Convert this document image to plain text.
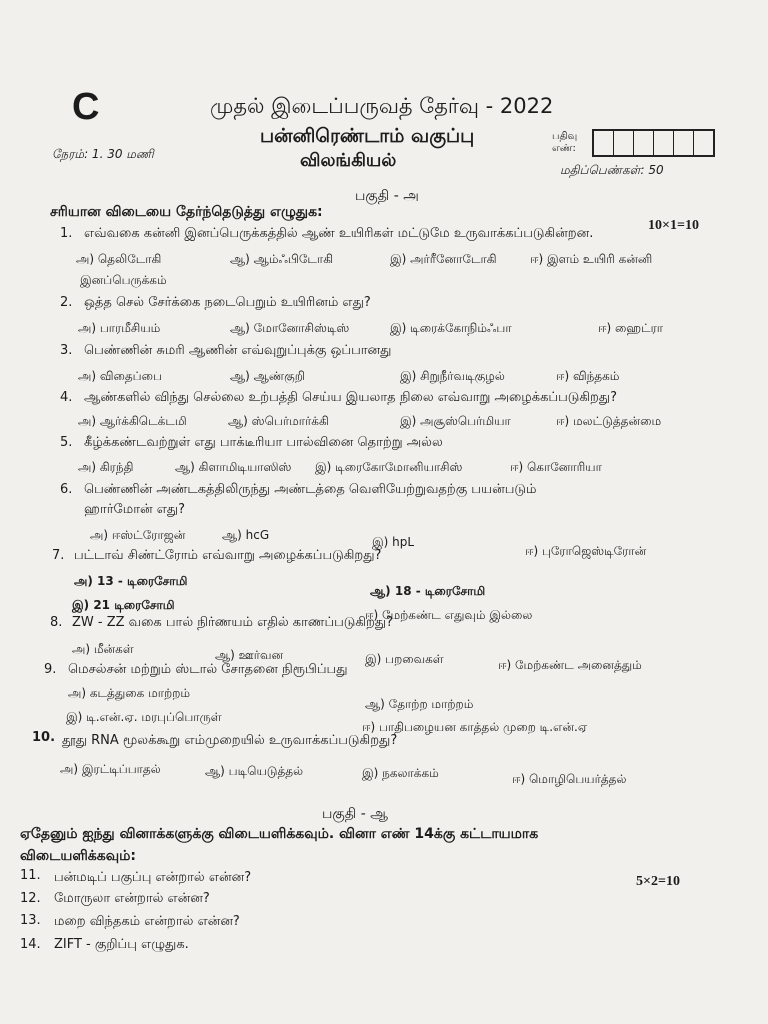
C	முதல் இடைப்பருவத் தேர்வு - 2022
பன்னிரெண்டாம் வகுப்பு
விலங்கியல்
நேரம்: 1. 30 மணி
பதிவு எண்:
மதிப்பெண்கள்: 50
பகுதி - அ
சரியான விடையை தேர்ந்தெடுத்து எழுதுக:
10×1=10
1. எவ்வகை கன்னி இனப்பெருக்கத்தில் ஆண் உயிரிகள் மட்டுமே உருவாக்கப்படுகின்றன.
அ) தெலிடோகி	ஆ) ஆம்ஃபிடோகி	இ) அர்ரீனோடோகி	ஈ) இளம் உயிரி கன்னி
இனப்பெருக்கம்
2. ஒத்த செல் சேர்க்கை நடைபெறும் உயிரினம் எது?
அ) பாரமீசியம்	ஆ) மோனோசிஸ்டிஸ்	இ) டிரைக்கோநிம்ஃபா	ஈ) ஹைட்ரா
3. பெண்ணின் சுமரி ஆணின் எவ்வுறுப்புக்கு ஒப்பானது
அ) விதைப்பை	ஆ) ஆண்குறி	இ) சிறுநீர்வடிகுழல்	ஈ) விந்தகம்
4. ஆண்களில் விந்து செல்லை உற்பத்தி செய்ய இயலாத நிலை எவ்வாறு அழைக்கப்படுகிறது?
அ) ஆர்க்கிடெக்டமி	ஆ) ஸ்பெர்மார்க்கி	இ) அசூஸ்பெர்மியா	ஈ) மலட்டுத்தன்மை
5. கீழ்க்கண்டவற்றுள் எது பாக்டீரியா பால்வினை தொற்று அல்ல
அ) கிரந்தி	ஆ) கிளாமிடியாஸிஸ் இ) டிரைகோமோனியாசிஸ்	ஈ) கொனோரியா
6. பெண்ணின் அண்டகத்திலிருந்து அண்டத்தை வெளியேற்றுவதற்கு பயன்படும்
ஹார்மோன் எது?
அ) ஈஸ்ட்ரோஜன்	ஆ) hcG	இ) hpL
ஈ) புரோஜெஸ்டிரோன்
7. பட்டாவ் சிண்ட்ரோம் எவ்வாறு அழைக்கப்படுகிறது?
அ) 13 - டிரைசோமி
ஆ) 18 - டிரைசோமி
இ) 21 டிரைசோமி
ஈ) மேற்கண்ட எதுவும் இல்லை
8. ZW - ZZ வகை பால் நிர்ணயம் எதில் காணப்படுகிறது?
அ) மீன்கள்	ஆ) ஊர்வன	இ) பறவைகள்	ஈ) மேற்கண்ட அனைத்தும்
9. மெசல்சன் மற்றும் ஸ்டால் சோதனை நிரூபிப்பது
அ) கடத்துகை மாற்றம்
ஆ) தோற்ற மாற்றம்
இ) டி.என்.ஏ. மரபுப்பொருள்
ஈ) பாதிபழையன காத்தல் முறை டி.என்.ஏ
10. தூது RNA மூலக்கூறு எம்முறையில் உருவாக்கப்படுகிறது?
அ) இரட்டிப்பாதல்	ஆ) படியெடுத்தல்	இ) நகலாக்கம்	ஈ) மொழிபெயர்த்தல்
பகுதி - ஆ
ஏதேனும் ஐந்து வினாக்களுக்கு விடையளிக்கவும். வினா எண் 14க்கு கட்டாயமாக
விடையளிக்கவும்:
5×2=10
11. பன்மடிப் பகுப்பு என்றால் என்ன?
12. மோருலா என்றால் என்ன?
13. மறை விந்தகம் என்றால் என்ன?
14. ZIFT - குறிப்பு எழுதுக.
